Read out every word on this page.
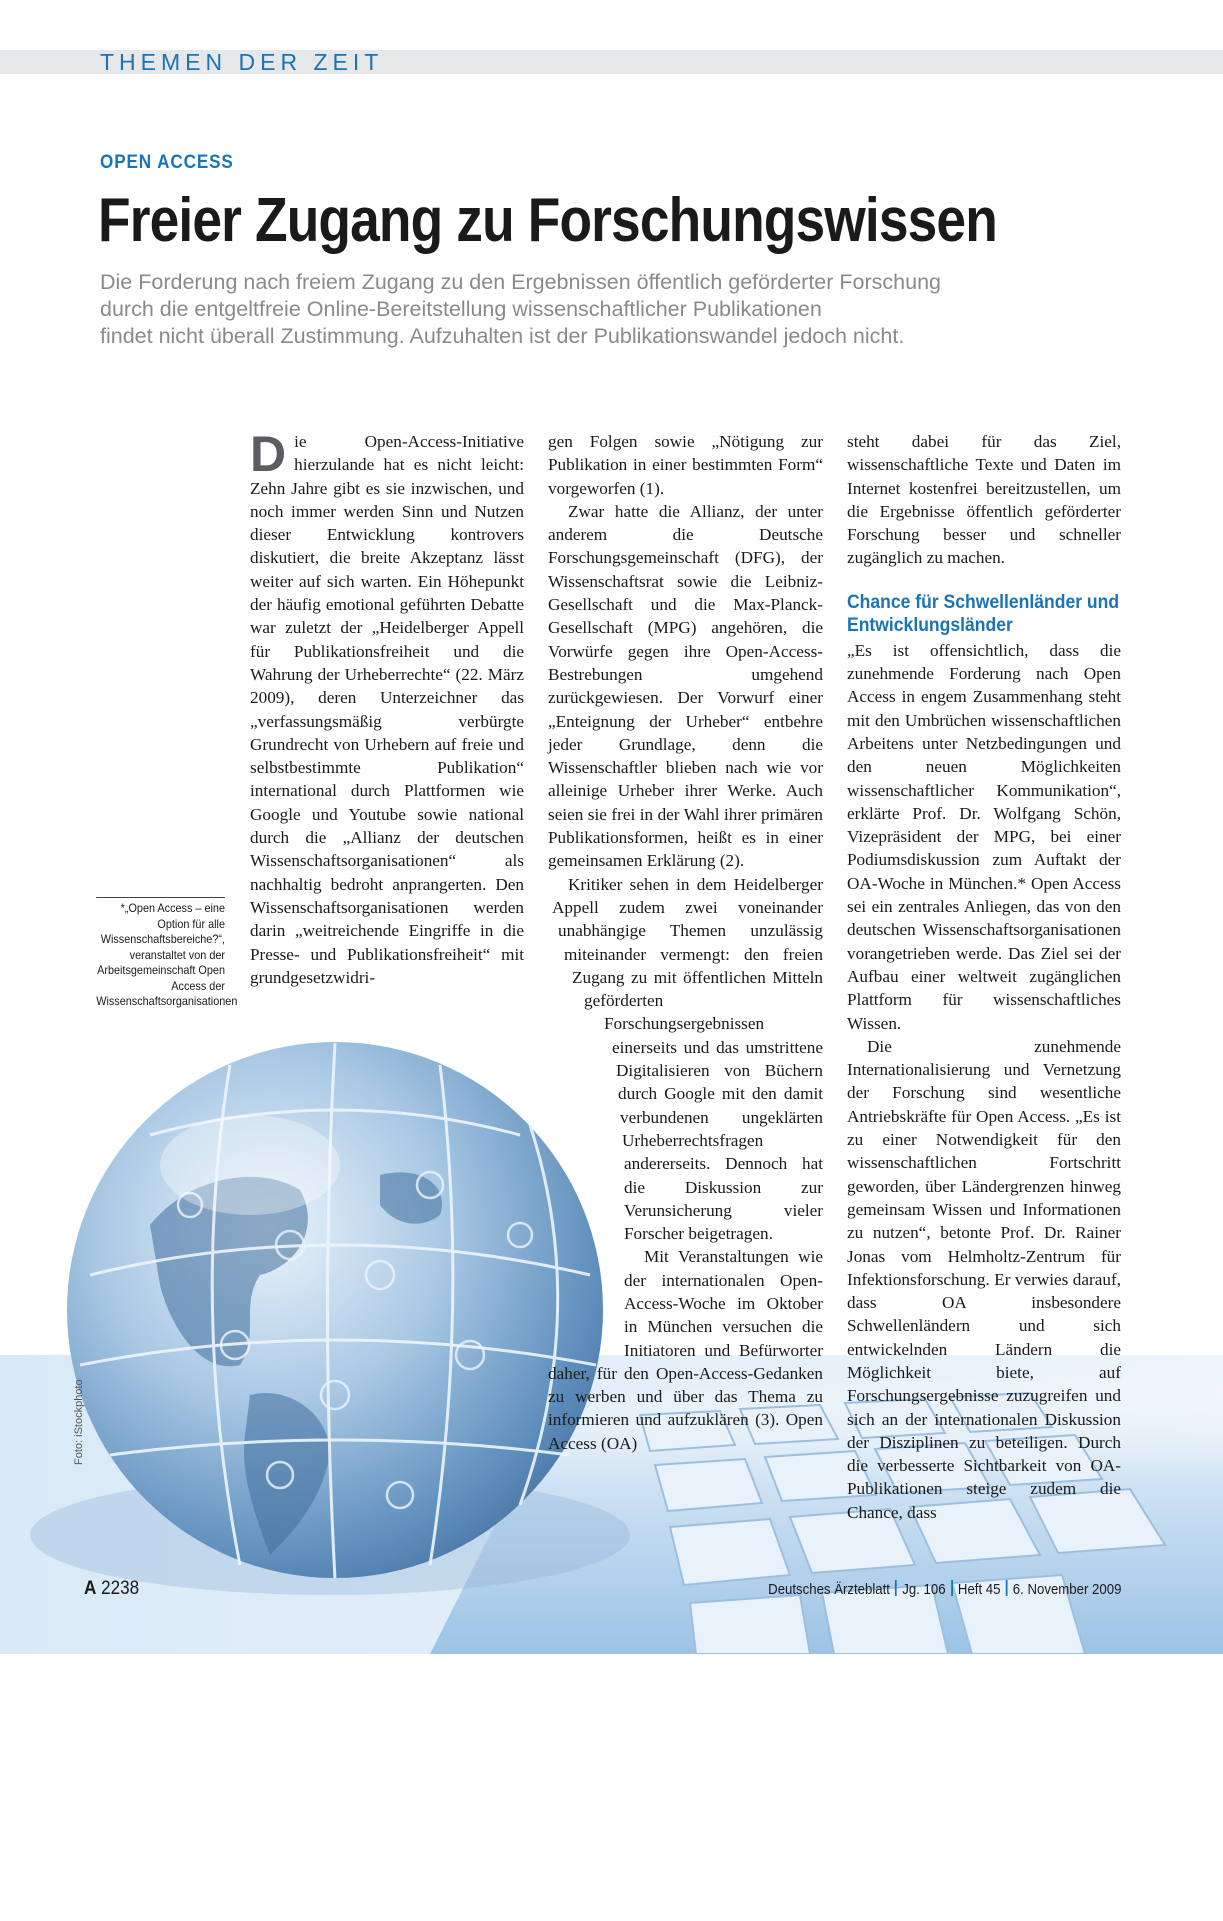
THEMEN DER ZEIT
OPEN ACCESS
Freier Zugang zu Forschungswissen
Die Forderung nach freiem Zugang zu den Ergebnissen öffentlich geförderter Forschung
durch die entgeltfreie Online-Bereitstellung wissenschaftlicher Publikationen
findet nicht überall Zustimmung. Aufzuhalten ist der Publikationswandel jedoch nicht.
Foto: iStockphoto
*„Open Access – eine Option für alle Wissenschaftsbereiche?“, veranstaltet von der Arbeitsgemeinschaft Open Access der Wissenschaftsorganisationen
D ie Open-Access-Initiative hierzulande hat es nicht leicht: Zehn Jahre gibt es sie inzwischen, und noch immer werden Sinn und Nutzen dieser Entwicklung kontrovers diskutiert, die breite Akzeptanz lässt weiter auf sich warten. Ein Höhepunkt der häufig emotional geführten Debatte war zuletzt der „Heidelberger Appell für Publikationsfreiheit und die Wahrung der Urheberrechte“ (22. März 2009), deren Unterzeichner das „verfassungsmäßig verbürgte Grundrecht von Urhebern auf freie und selbstbestimmte Publikation“ international durch Plattformen wie Google und Youtube sowie national durch die „Allianz der deutschen Wissenschaftsorganisationen“ als nachhaltig bedroht anprangerten. Den Wissenschaftsorganisationen werden darin „weitreichende Eingriffe in die Presse- und Publikationsfreiheit“ mit grundgesetzwidri-

gen Folgen sowie „Nötigung zur Publikation in einer bestimmten Form“ vorgeworfen (1).

Zwar hatte die Allianz, der unter anderem die Deutsche Forschungsgemeinschaft (DFG), der Wissenschaftsrat sowie die Leibniz-Gesellschaft und die Max-Planck-Gesellschaft (MPG) angehören, die Vorwürfe gegen ihre Open-Access-Bestrebungen umgehend zurückgewiesen. Der Vorwurf einer „Enteignung der Urheber“ entbehre jeder Grundlage, denn die Wissenschaftler blieben nach wie vor alleinige Urheber ihrer Werke. Auch seien sie frei in der Wahl ihrer primären Publikationsformen, heißt es in einer gemeinsamen Erklärung (2).

Kritiker sehen in dem Heidelberger Appell zudem zwei voneinander unabhängige Themen unzulässig miteinander vermengt: den freien Zugang zu mit öffentlichen Mitteln geförderten Forschungsergebnissen einerseits und das umstrittene Digitalisieren von Büchern durch Google mit den damit verbundenen ungeklärten Urheberrechtsfragen andererseits. Dennoch hat die Diskussion zur Verunsicherung vieler Forscher beigetragen.

Mit Veranstaltungen wie der internationalen Open-Access-Woche im Oktober in München versuchen die Initiatoren und Befürworter daher, für den Open-Access-Gedanken zu werben und über das Thema zu informieren und aufzuklären (3). Open Access (OA)

steht dabei für das Ziel, wissenschaftliche Texte und Daten im Internet kostenfrei bereitzustellen, um die Ergebnisse öffentlich geförderter Forschung besser und schneller zugänglich zu machen.

Chance für Schwellenländer und Entwicklungsländer

„Es ist offensichtlich, dass die zunehmende Forderung nach Open Access in engem Zusammenhang steht mit den Umbrüchen wissenschaftlichen Arbeitens unter Netzbedingungen und den neuen Möglichkeiten wissenschaftlicher Kommunikation“, erklärte Prof. Dr. Wolfgang Schön, Vizepräsident der MPG, bei einer Podiumsdiskussion zum Auftakt der OA-Woche in München.* Open Access sei ein zentrales Anliegen, das von den deutschen Wissenschaftsorganisationen vorangetrieben werde. Das Ziel sei der Aufbau einer weltweit zugänglichen Plattform für wissenschaftliches Wissen.

Die zunehmende Internationalisierung und Vernetzung der Forschung sind wesentliche Antriebskräfte für Open Access. „Es ist zu einer Notwendigkeit für den wissenschaftlichen Fortschritt geworden, über Ländergrenzen hinweg gemeinsam Wissen und Informationen zu nutzen“, betonte Prof. Dr. Rainer Jonas vom Helmholtz-Zentrum für Infektionsforschung. Er verwies darauf, dass OA insbesondere Schwellenländern und sich entwickelnden Ländern die Möglichkeit biete, auf Forschungsergebnisse zuzugreifen und sich an der internationalen Diskussion der Disziplinen zu beteiligen. Durch die verbesserte Sichtbarkeit von OA-Publikationen steige zudem die Chance, dass

A 2238	Deutsches Ärzteblatt Jg. 106 Heft 45 6. November 2009
